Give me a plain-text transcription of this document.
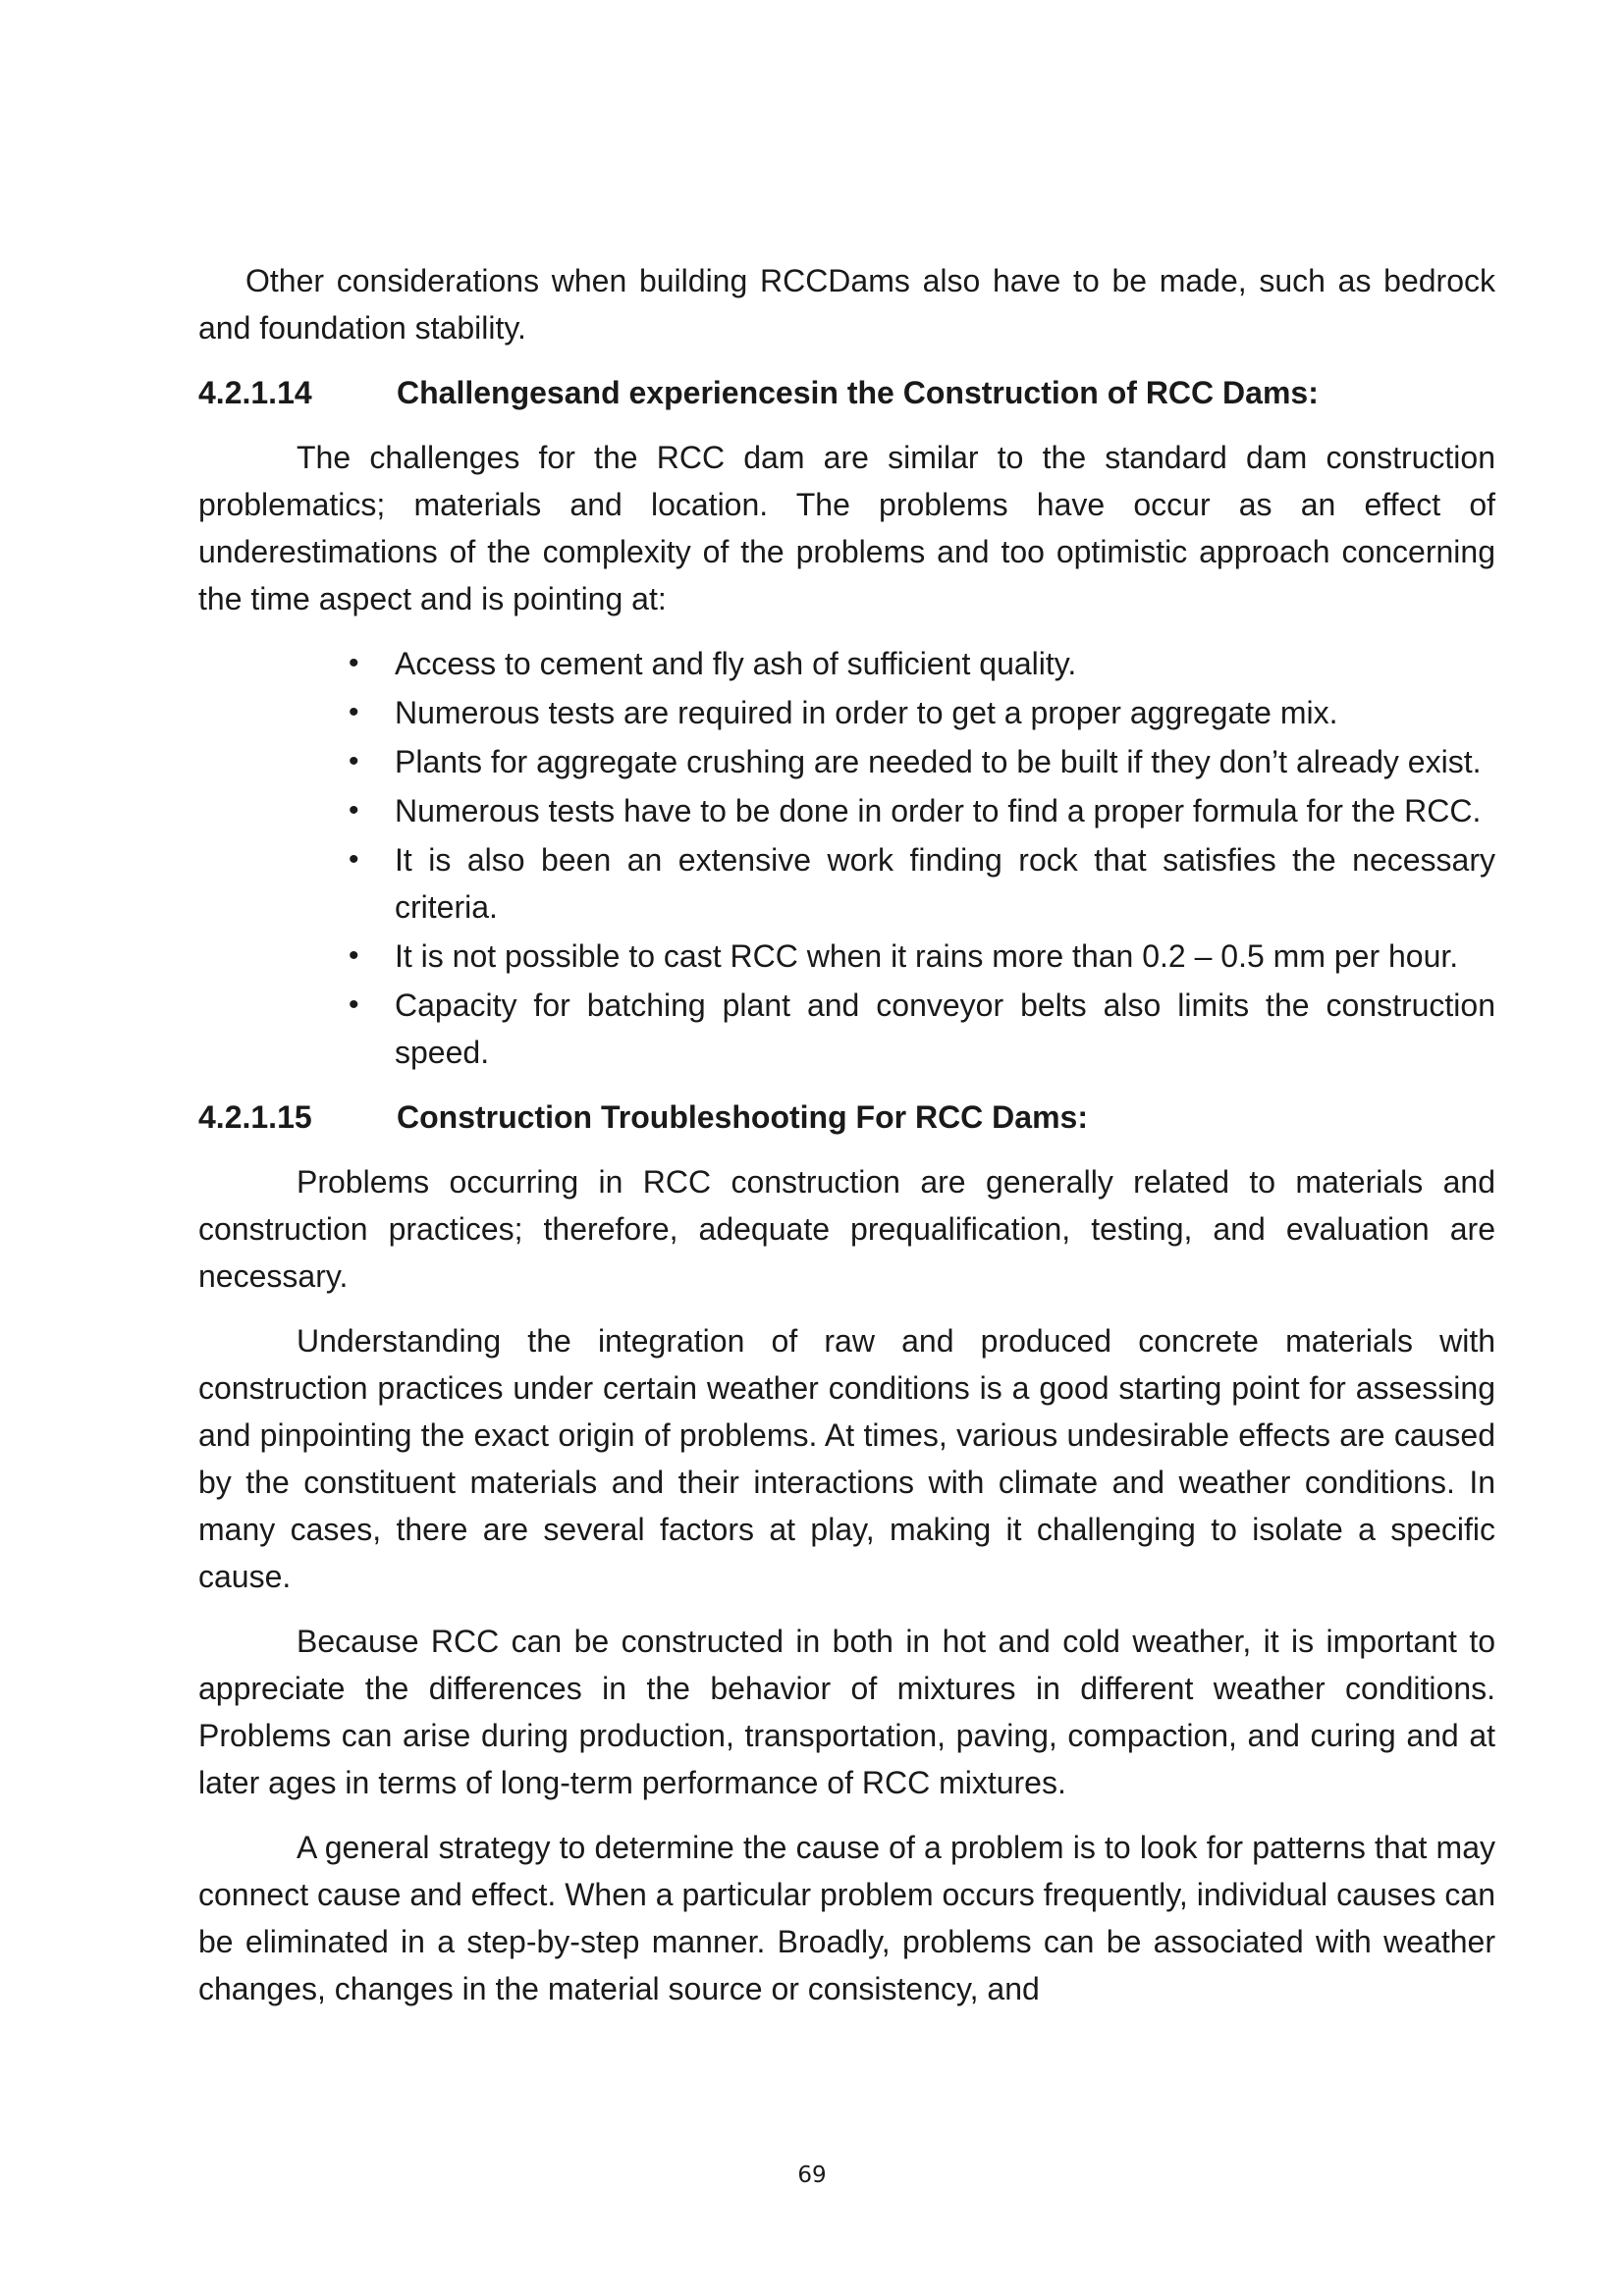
Other considerations when building RCCDams also have to be made, such as bedrock and foundation stability.

4.2.1.14	Challengesand experiencesin the Construction of RCC Dams:

The challenges for the RCC dam are similar to the standard dam construction problematics; materials and location. The problems have occur as an effect of underestimations of the complexity of the problems and too optimistic approach concerning the time aspect and is pointing at:

• Access to cement and fly ash of sufficient quality.
• Numerous tests are required in order to get a proper aggregate mix.
• Plants for aggregate crushing are needed to be built if they don’t already exist.
• Numerous tests have to be done in order to find a proper formula for the RCC.
• It is also been an extensive work finding rock that satisfies the necessary criteria.
• It is not possible to cast RCC when it rains more than 0.2 – 0.5 mm per hour.
• Capacity for batching plant and conveyor belts also limits the construction speed.
4.2.1.15	Construction Troubleshooting For RCC Dams:

Problems occurring in RCC construction are generally related to materials and construction practices; therefore, adequate prequalification, testing, and evaluation are necessary.

Understanding the integration of raw and produced concrete materials with construction practices under certain weather conditions is a good starting point for assessing and pinpointing the exact origin of problems. At times, various undesirable effects are caused by the constituent materials and their interactions with climate and weather conditions. In many cases, there are several factors at play, making it challenging to isolate a specific cause.

Because RCC can be constructed in both in hot and cold weather, it is important to appreciate the differences in the behavior of mixtures in different weather conditions. Problems can arise during production, transportation, paving, compaction, and curing and at later ages in terms of long-term performance of RCC mixtures.

A general strategy to determine the cause of a problem is to look for patterns that may connect cause and effect. When a particular problem occurs frequently, individual causes can be eliminated in a step-by-step manner. Broadly, problems can be associated with weather changes, changes in the material source or consistency, and

69
